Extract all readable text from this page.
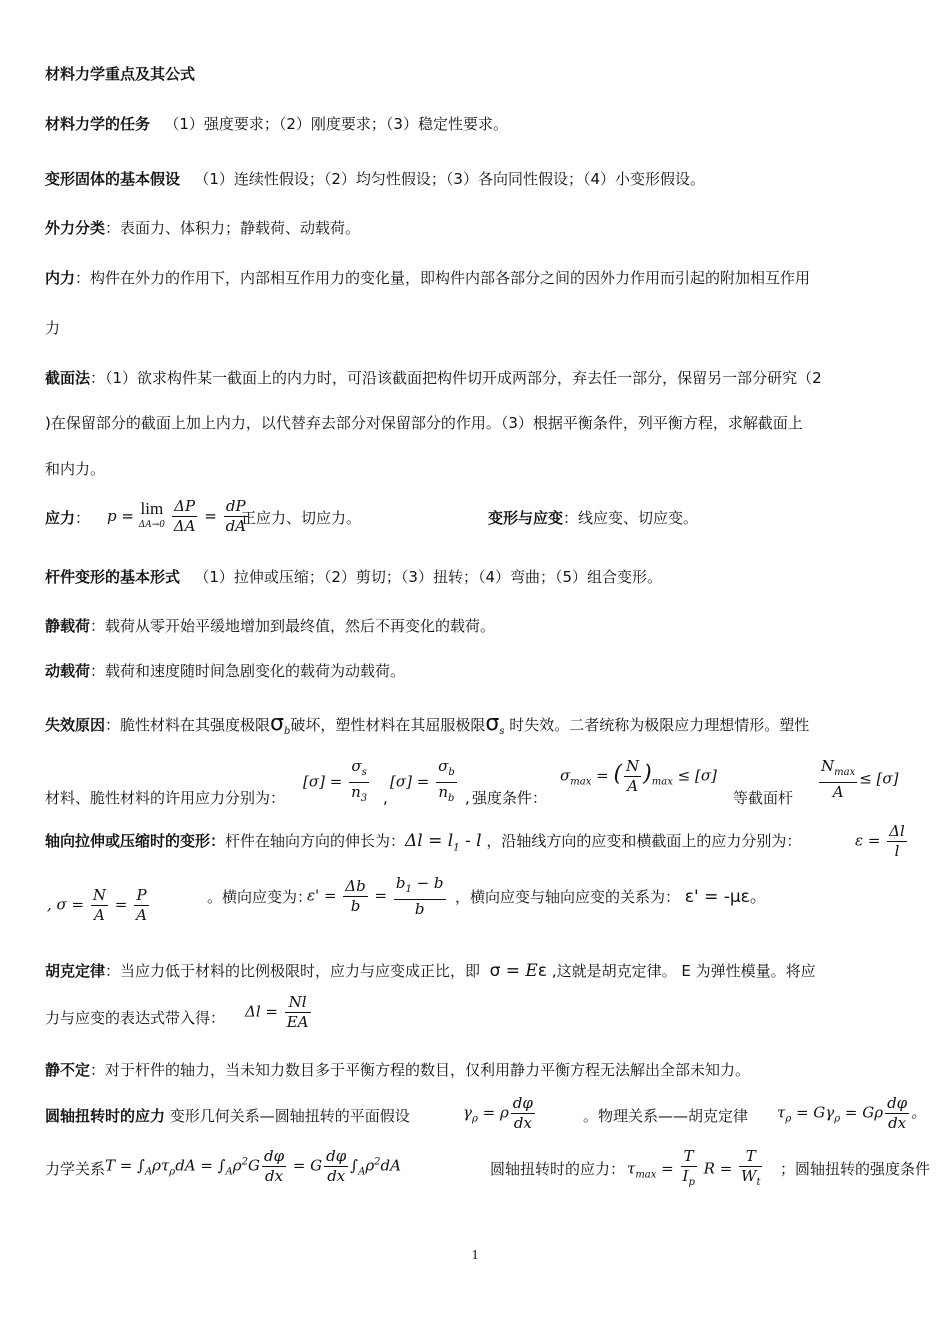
材料力学重点及其公式
材料力学的任务 （1）强度要求；（2）刚度要求；（3）稳定性要求。
变形固体的基本假设 （1）连续性假设；（2）均匀性假设；（3）各向同性假设；（4）小变形假设。
外力分类：表面力、体积力；静载荷、动载荷。
内力：构件在外力的作用下，内部相互作用力的变化量，即构件内部各部分之间的因外力作用而引起的附加相互作用
力
截面法：（1）欲求构件某一截面上的内力时，可沿该截面把构件切开成两部分，弃去任一部分，保留另一部分研究（2
)在保留部分的截面上加上内力，以代替弃去部分对保留部分的作用。（3）根据平衡条件，列平衡方程，求解截面上
和内力。
应力： p = lim
ΔA→0
$\frac{\Delta P}{\Delta A} = \frac{dP}{dA}$
正应力、切应力。	变形与应变：线应变、切应变。
杆件变形的基本形式 （1）拉伸或压缩；（2）剪切；（3）扭转；（4）弯曲；（5）组合变形。
静载荷：载荷从零开始平缓地增加到最终值，然后不再变化的载荷。
动载荷：载荷和速度随时间急剧变化的载荷为动载荷。
失效原因：脆性材料在其强度极限$\sigma_b$破坏，塑性材料在其屈服极限$\sigma_s$ 时失效。二者统称为极限应力理想情形。塑性
材料、脆性材料的许用应力分别为：
$[\sigma] = \frac{\sigma_s}{n_3}$ ,
$[\sigma] = \frac{\sigma_b}{n_b}$ , 强度条件：
$\sigma_{max}$ = ( $\frac{N}{A} )_{max} \le [\sigma]$
等截面杆 $\frac{N_{max}}{A} \le [\sigma]$
轴向拉伸或压缩时的变形：杆件在轴向方向的伸长为：$\Delta l = l_1 - l$ ，沿轴线方向的应变和横截面上的应力分别为：	$\varepsilon = \frac{\Delta l}{l}$
, $\sigma = \frac{N}{A} = \frac{P}{A}$	。横向应变为：
$\varepsilon' = \frac{\Delta b}{b} = \frac{b_1 - b}{b}$ ，横向应变与轴向应变的关系为： ε' = -με。
胡克定律：当应力低于材料的比例极限时，应力与应变成正比，即 σ = Eε ,这就是胡克定律。 E 为弹性模量。将应
力与应变的表达式带入得： $\Delta l = \frac{Nl}{EA}$
静不定：对于杆件的轴力，当未知力数目多于平衡方程的数目，仅利用静力平衡方程无法解出全部未知力。
圆轴扭转时的应力 变形几何关系—圆轴扭转的平面假设	$\gamma_\rho = \rho \frac{d\varphi}{dx}$	。物理关系——胡克定律 $\tau_\rho = G\gamma_\rho = G\rho \frac{d\varphi}{dx}$ 。
力学关系 $T = \int_A\rho\tau_\rho dA = \int_A\rho^2G \frac{d\varphi}{dx} = G \frac{d\varphi}{dx} \int_A\rho^2dA$	圆轴扭转时的应力： $\tau_{max} = \frac{T}{I_p}$ $R = \frac{T}{W_t}$ ；圆轴扭转的强度条件
1
